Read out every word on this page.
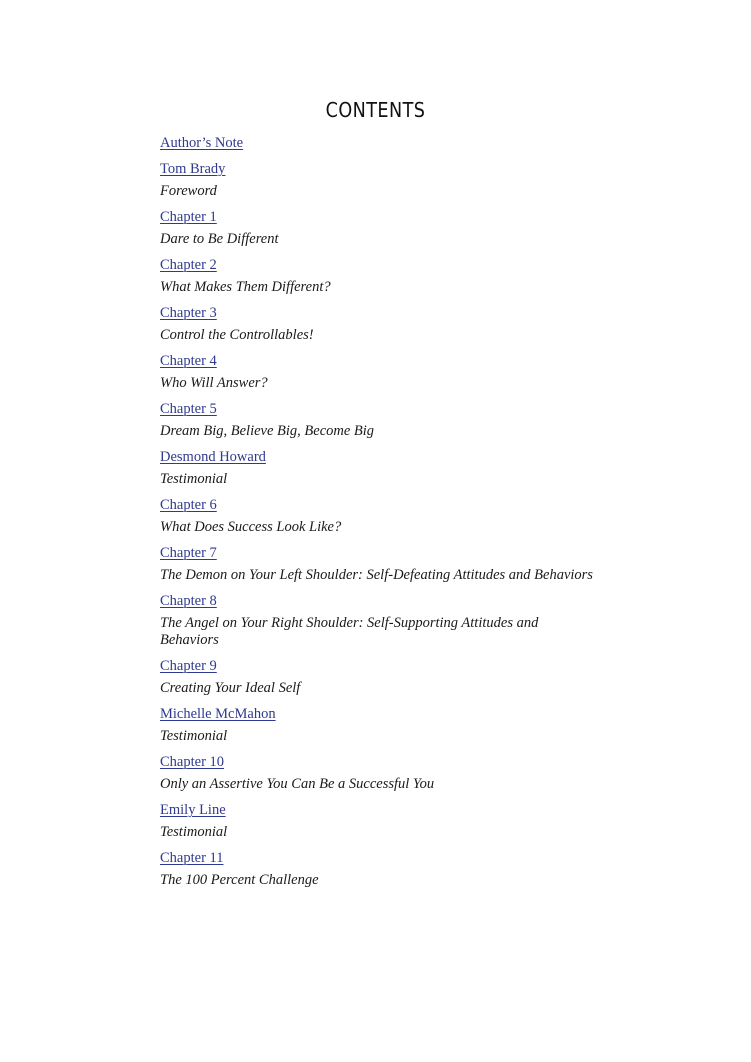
CONTENTS
Author’s Note
Tom Brady
Foreword
Chapter 1
Dare to Be Different
Chapter 2
What Makes Them Different?
Chapter 3
Control the Controllables!
Chapter 4
Who Will Answer?
Chapter 5
Dream Big, Believe Big, Become Big
Desmond Howard
Testimonial
Chapter 6
What Does Success Look Like?
Chapter 7
The Demon on Your Left Shoulder: Self-Defeating Attitudes and Behaviors
Chapter 8
The Angel on Your Right Shoulder: Self-Supporting Attitudes and Behaviors
Chapter 9
Creating Your Ideal Self
Michelle McMahon
Testimonial
Chapter 10
Only an Assertive You Can Be a Successful You
Emily Line
Testimonial
Chapter 11
The 100 Percent Challenge
